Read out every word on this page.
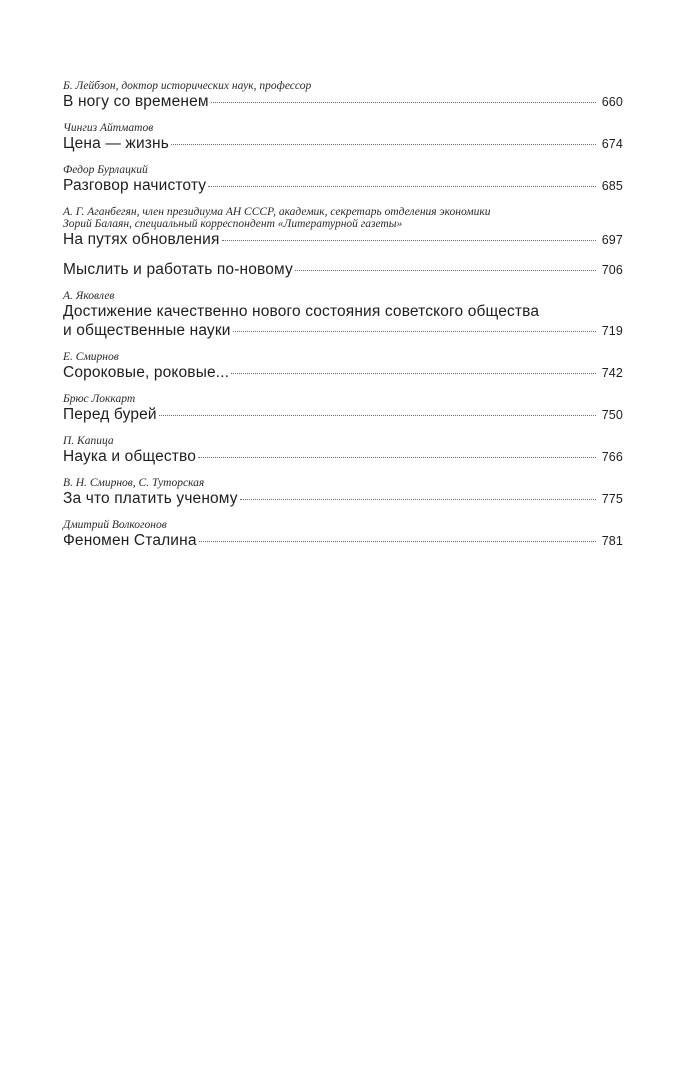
Б. Лейбзон, доктор исторических наук, профессор
В ногу со временем	660
Чингиз Айтматов
Цена — жизнь	674
Федор Бурлацкий
Разговор начистоту	685
А. Г. Аганбегян, член президиума АН СССР, академик, секретарь отделения экономики
Зорий Балаян, специальный корреспондент «Литературной газеты»
На путях обновления	697
Мыслить и работать по-новому	706
А. Яковлев
Достижение качественно нового состояния советского общества
и общественные науки	719
Е. Смирнов
Сороковые, роковые...	742
Брюс Локкарт
Перед бурей	750
П. Капица
Наука и общество	766
В. Н. Смирнов, С. Туторская
За что платить ученому	775
Дмитрий Волкогонов
Феномен Сталина	781
